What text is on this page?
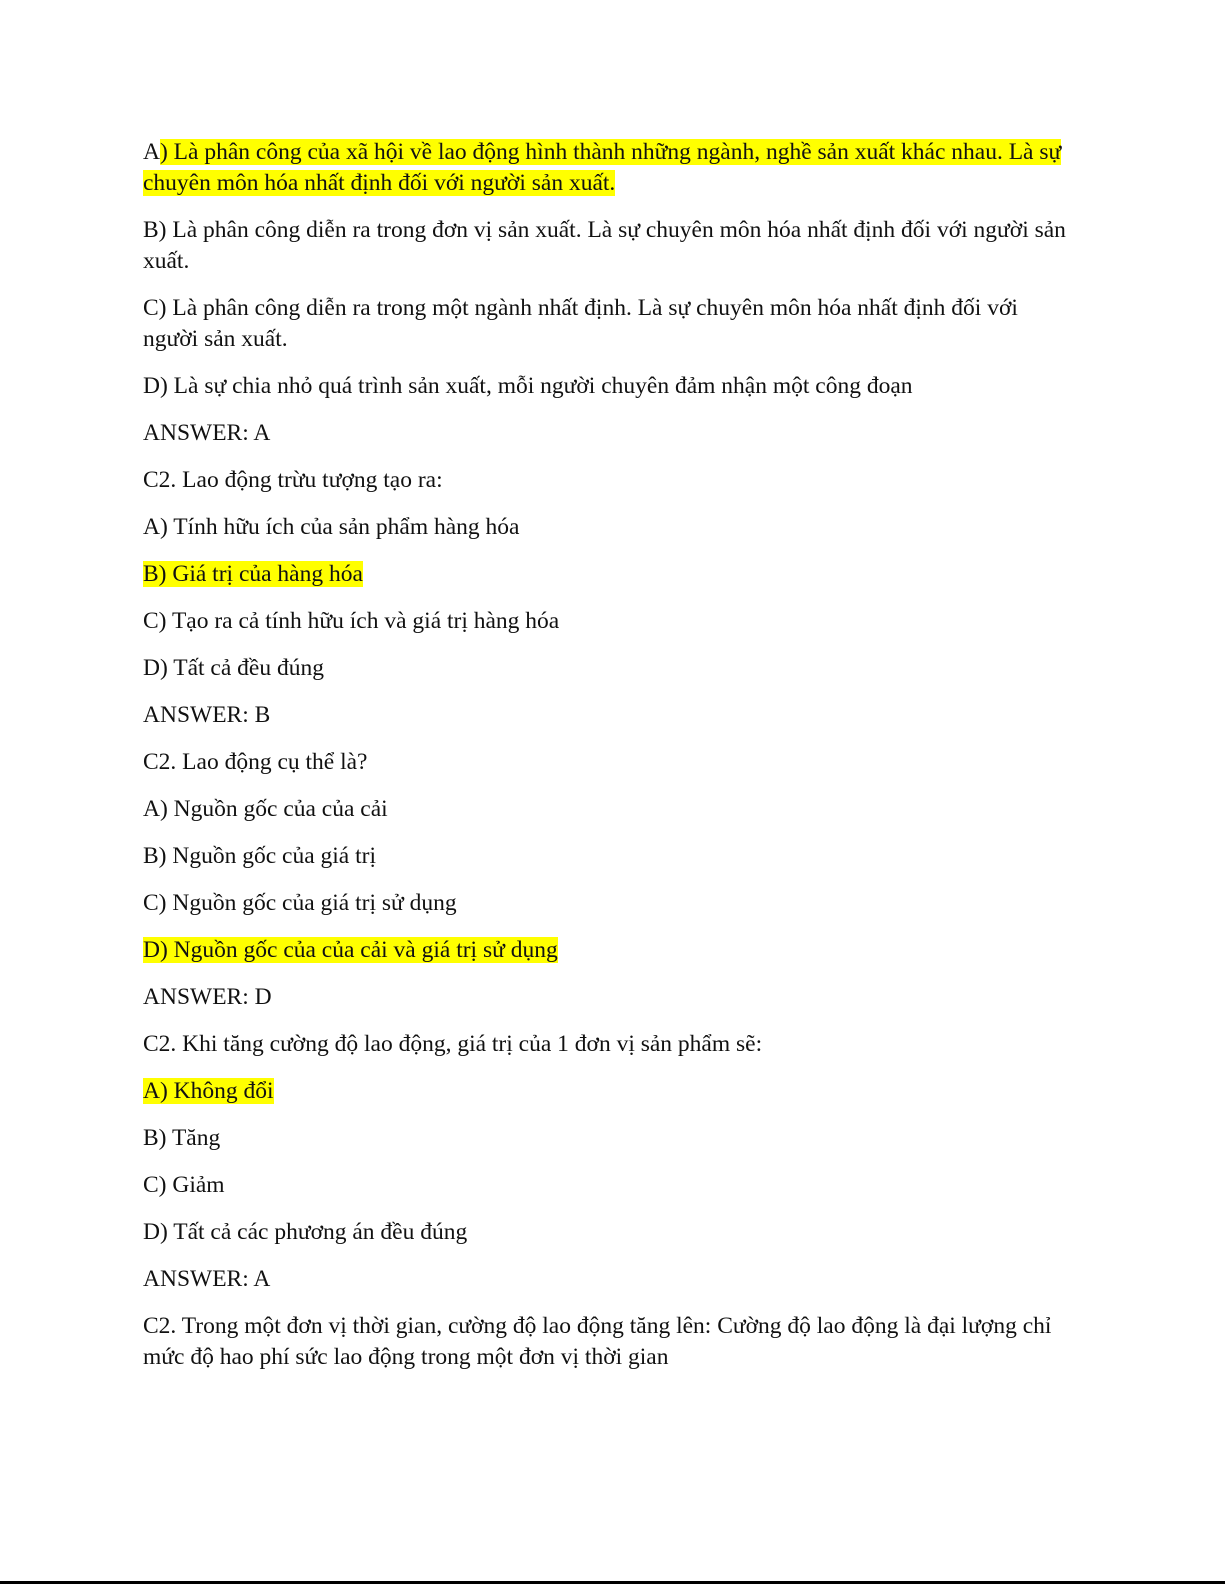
A) Là phân công của xã hội về lao động hình thành những ngành, nghề sản xuất khác nhau. Là sự chuyên môn hóa nhất định đối với người sản xuất.

B) Là phân công diễn ra trong đơn vị sản xuất. Là sự chuyên môn hóa nhất định đối với người sản xuất.

C) Là phân công diễn ra trong một ngành nhất định. Là sự chuyên môn hóa nhất định đối với người sản xuất.

D) Là sự chia nhỏ quá trình sản xuất, mỗi người chuyên đảm nhận một công đoạn

ANSWER: A

C2. Lao động trừu tượng tạo ra:

A) Tính hữu ích của sản phẩm hàng hóa

B) Giá trị của hàng hóa

C) Tạo ra cả tính hữu ích và giá trị hàng hóa

D) Tất cả đều đúng

ANSWER: B

C2. Lao động cụ thể là?

A) Nguồn gốc của của cải

B) Nguồn gốc của giá trị

C) Nguồn gốc của giá trị sử dụng

D) Nguồn gốc của của cải và giá trị sử dụng

ANSWER: D

C2. Khi tăng cường độ lao động, giá trị của 1 đơn vị sản phẩm sẽ:

A) Không đổi

B) Tăng

C) Giảm

D) Tất cả các phương án đều đúng

ANSWER: A

C2. Trong một đơn vị thời gian, cường độ lao động tăng lên: Cường độ lao động là đại lượng chỉ mức độ hao phí sức lao động trong một đơn vị thời gian
